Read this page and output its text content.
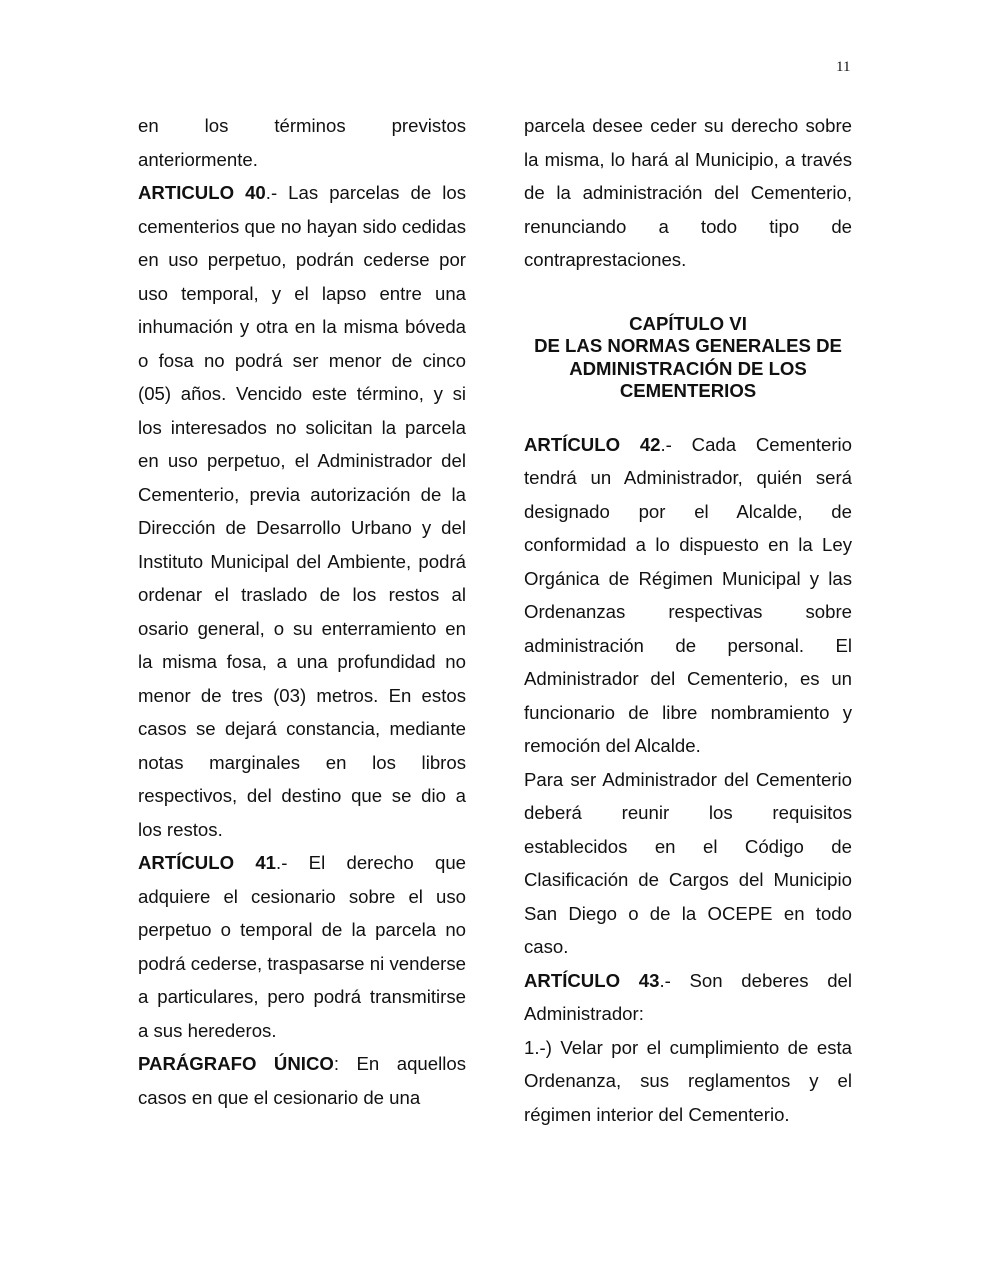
11

en los términos previstos anteriormente.

ARTICULO 40.- Las parcelas de los cementerios que no hayan sido cedidas en uso perpetuo, podrán cederse por uso temporal, y el lapso entre una inhumación y otra en la misma bóveda o fosa no podrá ser menor de cinco (05) años. Vencido este término, y si los interesados no solicitan la parcela en uso perpetuo, el Administrador del Cementerio, previa autorización de la Dirección de Desarrollo Urbano y del Instituto Municipal del Ambiente, podrá ordenar el traslado de los restos al osario general, o su enterramiento en la misma fosa, a una profundidad no menor de tres (03) metros. En estos casos se dejará constancia, mediante notas marginales en los libros respectivos, del destino que se dio a los restos.

ARTÍCULO 41.- El derecho que adquiere el cesionario sobre el uso perpetuo o temporal de la parcela no podrá cederse, traspasarse ni venderse a particulares, pero podrá transmitirse a sus herederos.

PARÁGRAFO ÚNICO: En aquellos casos en que el cesionario de una

parcela desee ceder su derecho sobre la misma, lo hará al Municipio, a través de la administración del Cementerio, renunciando a todo tipo de contraprestaciones.

CAPÍTULO VI
DE LAS NORMAS GENERALES DE
ADMINISTRACIÓN DE LOS
CEMENTERIOS

ARTÍCULO 42.- Cada Cementerio tendrá un Administrador, quién será designado por el Alcalde, de conformidad a lo dispuesto en la Ley Orgánica de Régimen Municipal y las Ordenanzas respectivas sobre administración de personal. El Administrador del Cementerio, es un funcionario de libre nombramiento y remoción del Alcalde.

Para ser Administrador del Cementerio deberá reunir los requisitos establecidos en el Código de Clasificación de Cargos del Municipio San Diego o de la OCEPE en todo caso.

ARTÍCULO 43.- Son deberes del Administrador:

1.-) Velar por el cumplimiento de esta Ordenanza, sus reglamentos y el régimen interior del Cementerio.
